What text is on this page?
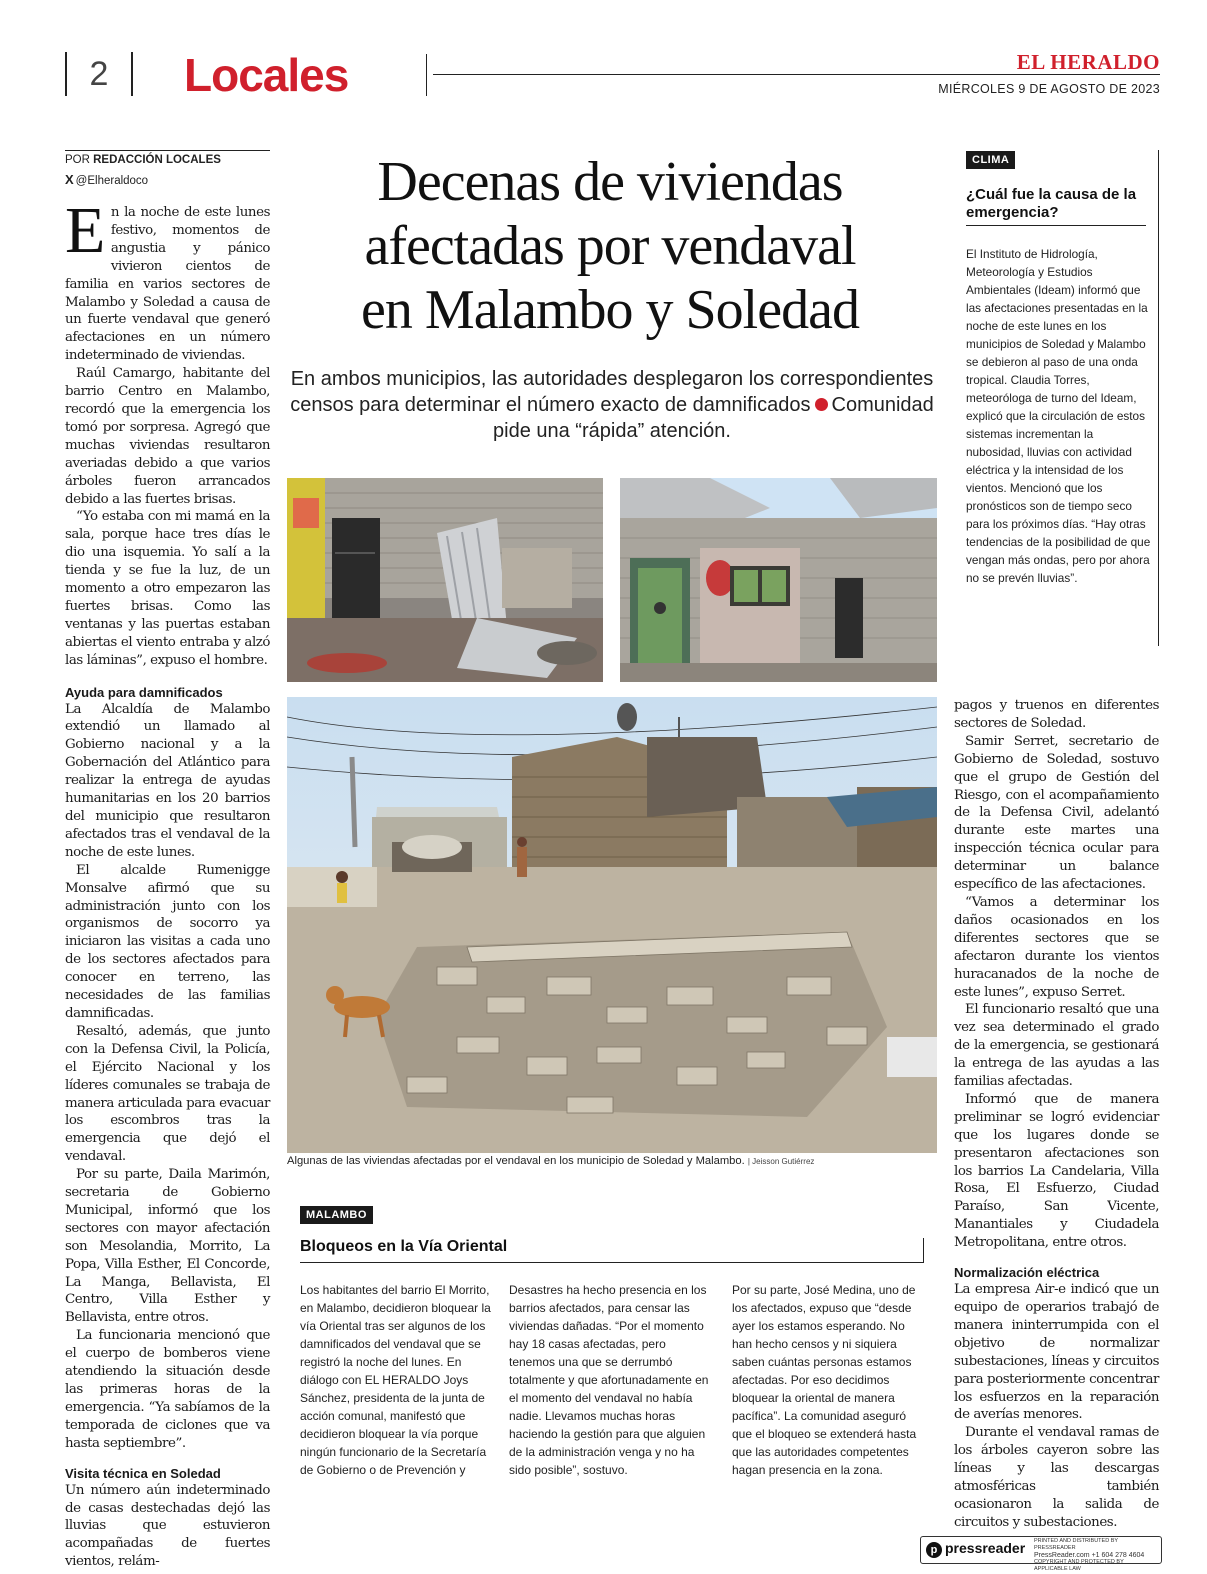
2	Locales	EL HERALDO
MIÉRCOLES 9 DE AGOSTO DE 2023
POR REDACCIÓN LOCALES
X @Elheraldoco

En la noche de este lunes festivo, momentos de angustia y pánico vivieron cientos de familia en varios sectores de Malambo y Soledad a causa de un fuerte vendaval que generó afectaciones en un número indeterminado de viviendas.

Raúl Camargo, habitante del barrio Centro en Malambo, recordó que la emergencia los tomó por sorpresa. Agregó que muchas viviendas resultaron averiadas debido a que varios árboles fueron arrancados debido a las fuertes brisas.

“Yo estaba con mi mamá en la sala, porque hace tres días le dio una isquemia. Yo salí a la tienda y se fue la luz, de un momento a otro empezaron las fuertes brisas. Como las ventanas y las puertas estaban abiertas el viento entraba y alzó las láminas”, expuso el hombre.

Ayuda para damnificados

La Alcaldía de Malambo extendió un llamado al Gobierno nacional y a la Gobernación del Atlántico para realizar la entrega de ayudas humanitarias en los 20 barrios del municipio que resultaron afectados tras el vendaval de la noche de este lunes.

El alcalde Rumenigge Monsalve afirmó que su administración junto con los organismos de socorro ya iniciaron las visitas a cada uno de los sectores afectados para conocer en terreno, las necesidades de las familias damnificadas.

Resaltó, además, que junto con la Defensa Civil, la Policía, el Ejército Nacional y los líderes comunales se trabaja de manera articulada para evacuar los escombros tras la emergencia que dejó el vendaval.

Por su parte, Daila Marimón, secretaria de Gobierno Municipal, informó que los sectores con mayor afectación son Mesolandia, Morrito, La Popa, Villa Esther, El Concorde, La Manga, Bellavista, El Centro, Villa Esther y Bellavista, entre otros.

La funcionaria mencionó que el cuerpo de bomberos viene atendiendo la situación desde las primeras horas de la emergencia. “Ya sabíamos de la temporada de ciclones que va hasta septiembre”.

Visita técnica en Soledad

Un número aún indeterminado de casas destechadas dejó las lluvias que estuvieron acompañadas de fuertes vientos, relám-

Decenas de viviendas
afectadas por vendaval
en Malambo y Soledad
En ambos municipios, las autoridades desplegaron los correspondientes censos para determinar el número exacto de damnificados Comunidad pide una “rápida” atención.
Algunas de las viviendas afectadas por el vendaval en los municipio de Soledad y Malambo. | Jeisson Gutiérrez
CLIMA
¿Cuál fue la causa de la emergencia?
El Instituto de Hidrología, Meteorología y Estudios Ambientales (Ideam) informó que las afectaciones presentadas en la noche de este lunes en los municipios de Soledad y Malambo se debieron al paso de una onda tropical. Claudia Torres, meteoróloga de turno del Ideam, explicó que la circulación de estos sistemas incrementan la nubosidad, lluvias con actividad eléctrica y la intensidad de los vientos. Mencionó que los pronósticos son de tiempo seco para los próximos días. “Hay otras tendencias de la posibilidad de que vengan más ondas, pero por ahora no se prevén lluvias”.

pagos y truenos en diferentes sectores de Soledad.

Samir Serret, secretario de Gobierno de Soledad, sostuvo que el grupo de Gestión del Riesgo, con el acompañamiento de la Defensa Civil, adelantó durante este martes una inspección técnica ocular para determinar un balance específico de las afectaciones.

“Vamos a determinar los daños ocasionados en los diferentes sectores que se afectaron durante los vientos huracanados de la noche de este lunes”, expuso Serret.

El funcionario resaltó que una vez sea determinado el grado de la emergencia, se gestionará la entrega de las ayudas a las familias afectadas.

Informó que de manera preliminar se logró evidenciar que los lugares donde se presentaron afectaciones son los barrios La Candelaria, Villa Rosa, El Esfuerzo, Ciudad Paraíso, San Vicente, Manantiales y Ciudadela Metropolitana, entre otros.

Normalización eléctrica

La empresa Air-e indicó que un equipo de operarios trabajó de manera ininterrumpida con el objetivo de normalizar subestaciones, líneas y circuitos para posteriormente concentrar los esfuerzos en la reparación de averías menores.

Durante el vendaval ramas de los árboles cayeron sobre las líneas y las descargas atmosféricas también ocasionaron la salida de circuitos y subestaciones.

MALAMBO
Bloqueos en la Vía Oriental
Los habitantes del barrio El Morrito, en Malambo, decidieron bloquear la vía Oriental tras ser algunos de los damnificados del vendaval que se registró la noche del lunes. En diálogo con EL HERALDO Joys Sánchez, presidenta de la junta de acción comunal, manifestó que decidieron bloquear la vía porque ningún funcionario de la Secretaría de Gobierno o de Prevención y
Desastres ha hecho presencia en los barrios afectados, para censar las viviendas dañadas. “Por el momento hay 18 casas afectadas, pero tenemos una que se derrumbó totalmente y que afortunadamente en el momento del vendaval no había nadie. Llevamos muchas horas haciendo la gestión para que alguien de la administración venga y no ha sido posible”, sostuvo.
Por su parte, José Medina, uno de los afectados, expuso que “desde ayer los estamos esperando. No han hecho censos y ni siquiera saben cuántas personas estamos afectadas. Por eso decidimos bloquear la oriental de manera pacífica”. La comunidad aseguró que el bloqueo se extenderá hasta que las autoridades competentes hagan presencia en la zona.
p pressreader PRINTED AND DISTRIBUTED BY PRESSREADER
PressReader.com +1 604 278 4604
COPYRIGHT AND PROTECTED BY APPLICABLE LAW
